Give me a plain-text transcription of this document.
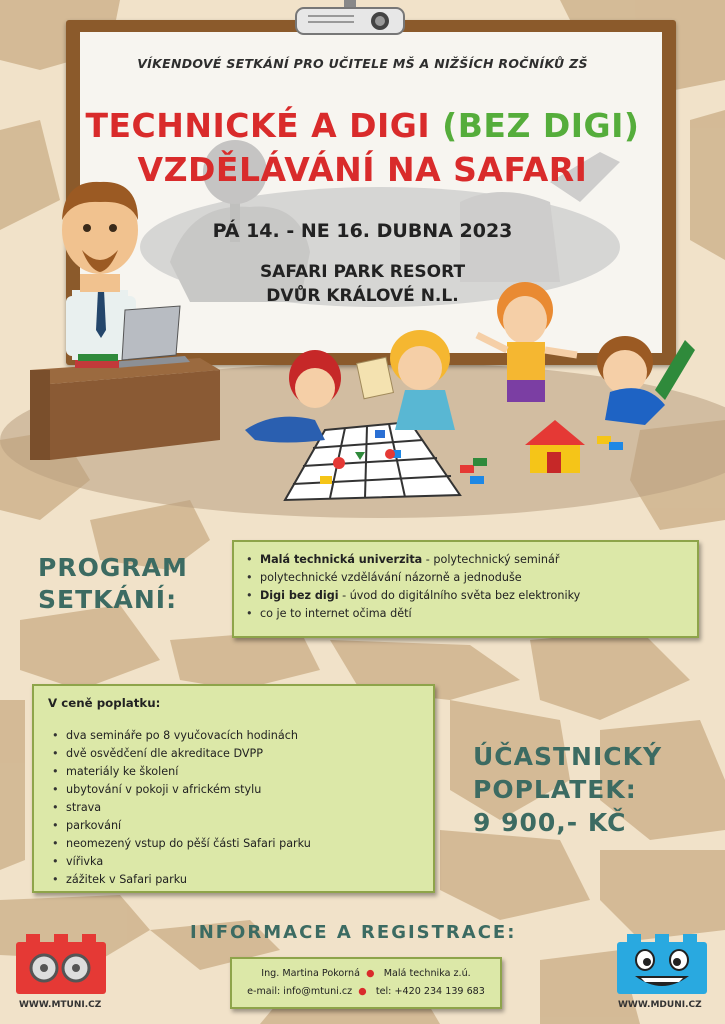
VÍKENDOVÉ SETKÁNÍ PRO UČITELE MŠ A NIŽŠÍCH ROČNÍKŮ ZŠ
TECHNICKÉ A DIGI (BEZ DIGI)
VZDĚLÁVÁNÍ NA SAFARI
PÁ 14. - NE 16. DUBNA 2023
SAFARI PARK RESORT
DVŮR KRÁLOVÉ N.L.
PROGRAM
SETKÁNÍ:
• Malá technická univerzita - polytechnický seminář
• polytechnické vzdělávání názorně a jednoduše
• Digi bez digi - úvod do digitálního světa bez elektroniky
• co je to internet očima dětí
V ceně poplatku:
• dva semináře po 8 vyučovacích hodinách
• dvě osvědčení dle akreditace DVPP
• materiály ke školení
• ubytování v pokoji v africkém stylu
• strava
• parkování
• neomezený vstup do pěší části Safari parku
• vířivka
• zážitek v Safari parku
ÚČASTNICKÝ
POPLATEK:
9 900,- KČ
INFORMACE A REGISTRACE:
Ing. Martina Pokorná  ●   Malá technika z.ú.
e-mail: info@mtuni.cz  ●   tel: +420 234 139 683
WWW.MTUNI.CZ	WWW.MDUNI.CZ
